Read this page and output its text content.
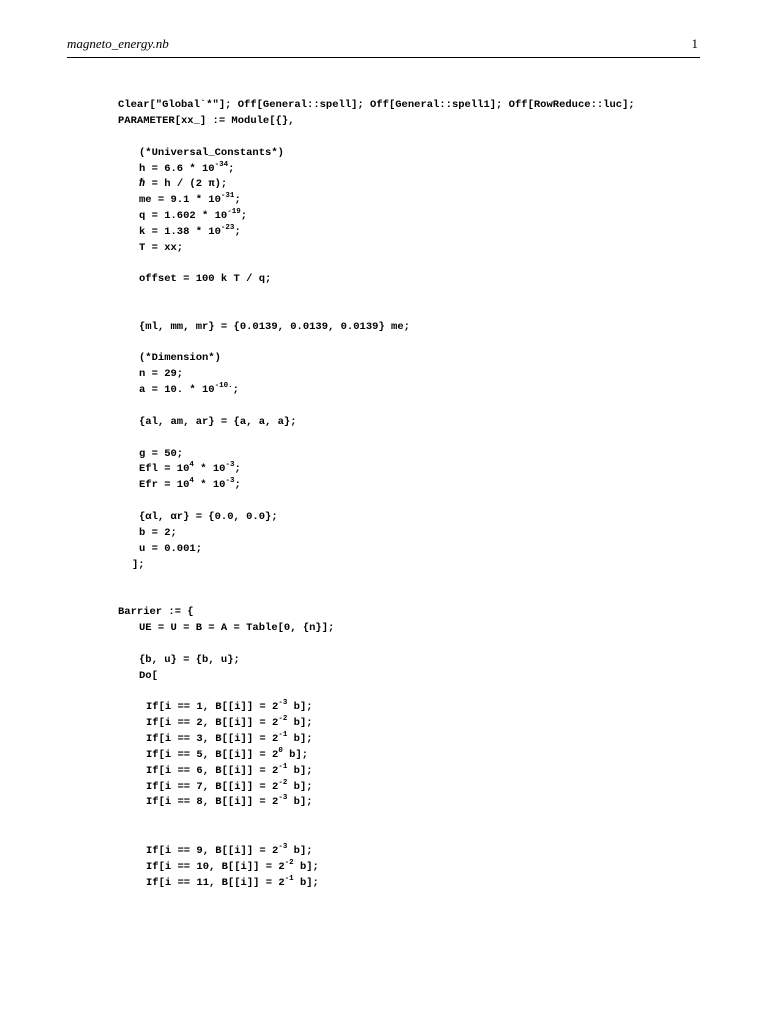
magneto_energy.nb	1
Clear["Global`*"]; Off[General::spell]; Off[General::spell1]; Off[RowReduce::luc];
PARAMETER[xx_] := Module[{},
(*Universal_Constants*)
$h = 6.6 * 10^{-34}$;
ℏ = h / (2 π);
me = $9.1 * 10^{-31}$;
$q = 1.602 * 10^{-19}$;
$k = 1.38 * 10^{-23}$;
T = xx;
offset = 100 k T / q;
{ml, mm, mr} = {0.0139, 0.0139, 0.0139} me;
(*Dimension*)
n = 29;
a = 10. * $10^{-10.}$;
{al, am, ar} = {a, a, a};
g = 50;
Efl = $10^4 * 10^{-3}$;
Efr = $10^4 * 10^{-3}$;
{αl, αr} = {0.0, 0.0};
b = 2;
u = 0.001;
];
Barrier := {
UE = U = B = A = Table[0, {n}];
{b, u} = {b, u};
Do[
If[i == 1, $B[[i]] = 2^{-3}$ b];
If[i == 2, $B[[i]] = 2^{-2}$ b];
If[i == 3, $B[[i]] = 2^{-1}$ b];
If[i == 5, $B[[i]] = 2^0$ b];
If[i == 6, $B[[i]] = 2^{-1}$ b];
If[i == 7, $B[[i]] = 2^{-2}$ b];
If[i == 8, $B[[i]] = 2^{-3}$ b];
If[i == 9, $B[[i]] = 2^{-3}$ b];
If[i == 10, $B[[i]] = 2^{-2}$ b];
If[i == 11, $B[[i]] = 2^{-1}$ b];
